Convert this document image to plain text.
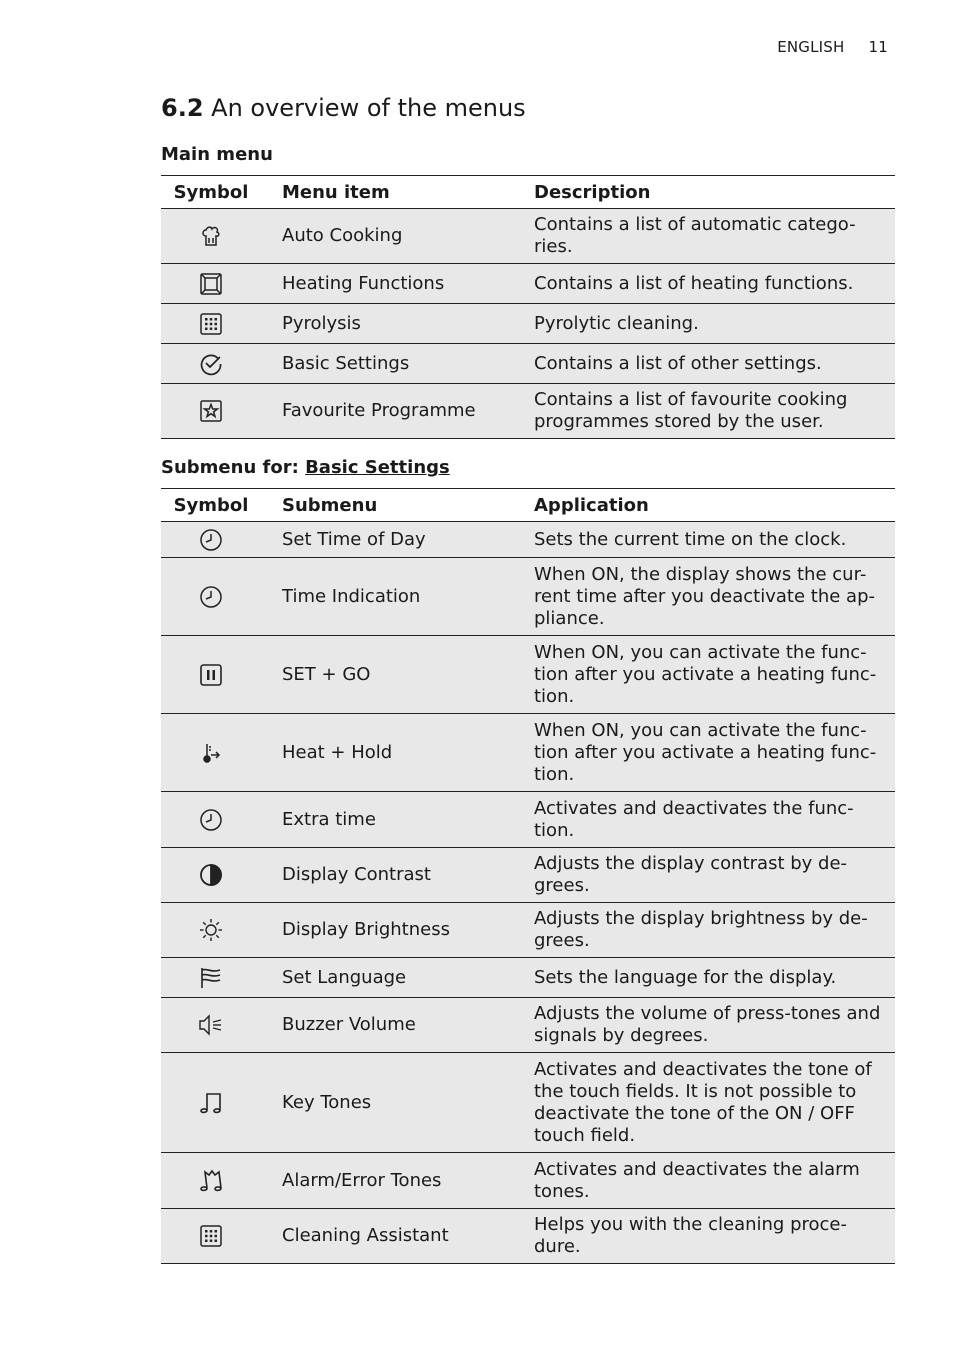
ENGLISH 11
6.2 An overview of the menus
Main menu
Symbol	Menu item	Description
	Auto Cooking	Contains a list of automatic catego-ries.
	Heating Functions	Contains a list of heating functions.
	Pyrolysis	Pyrolytic cleaning.
	Basic Settings	Contains a list of other settings.
	Favourite Programme	Contains a list of favourite cooking programmes stored by the user.
Submenu for: Basic Settings
Symbol	Submenu	Application
	Set Time of Day	Sets the current time on the clock.
	Time Indication	When ON, the display shows the cur-rent time after you deactivate the ap-pliance.
	SET + GO	When ON, you can activate the func-tion after you activate a heating func-tion.
	Heat + Hold	When ON, you can activate the func-tion after you activate a heating func-tion.
	Extra time	Activates and deactivates the func-tion.
	Display Contrast	Adjusts the display contrast by de-grees.
	Display Brightness	Adjusts the display brightness by de-grees.
	Set Language	Sets the language for the display.
	Buzzer Volume	Adjusts the volume of press-tones and signals by degrees.
	Key Tones	Activates and deactivates the tone of the touch fields. It is not possible to deactivate the tone of the ON / OFF touch field.
	Alarm/Error Tones	Activates and deactivates the alarm tones.
	Cleaning Assistant	Helps you with the cleaning proce-dure.
